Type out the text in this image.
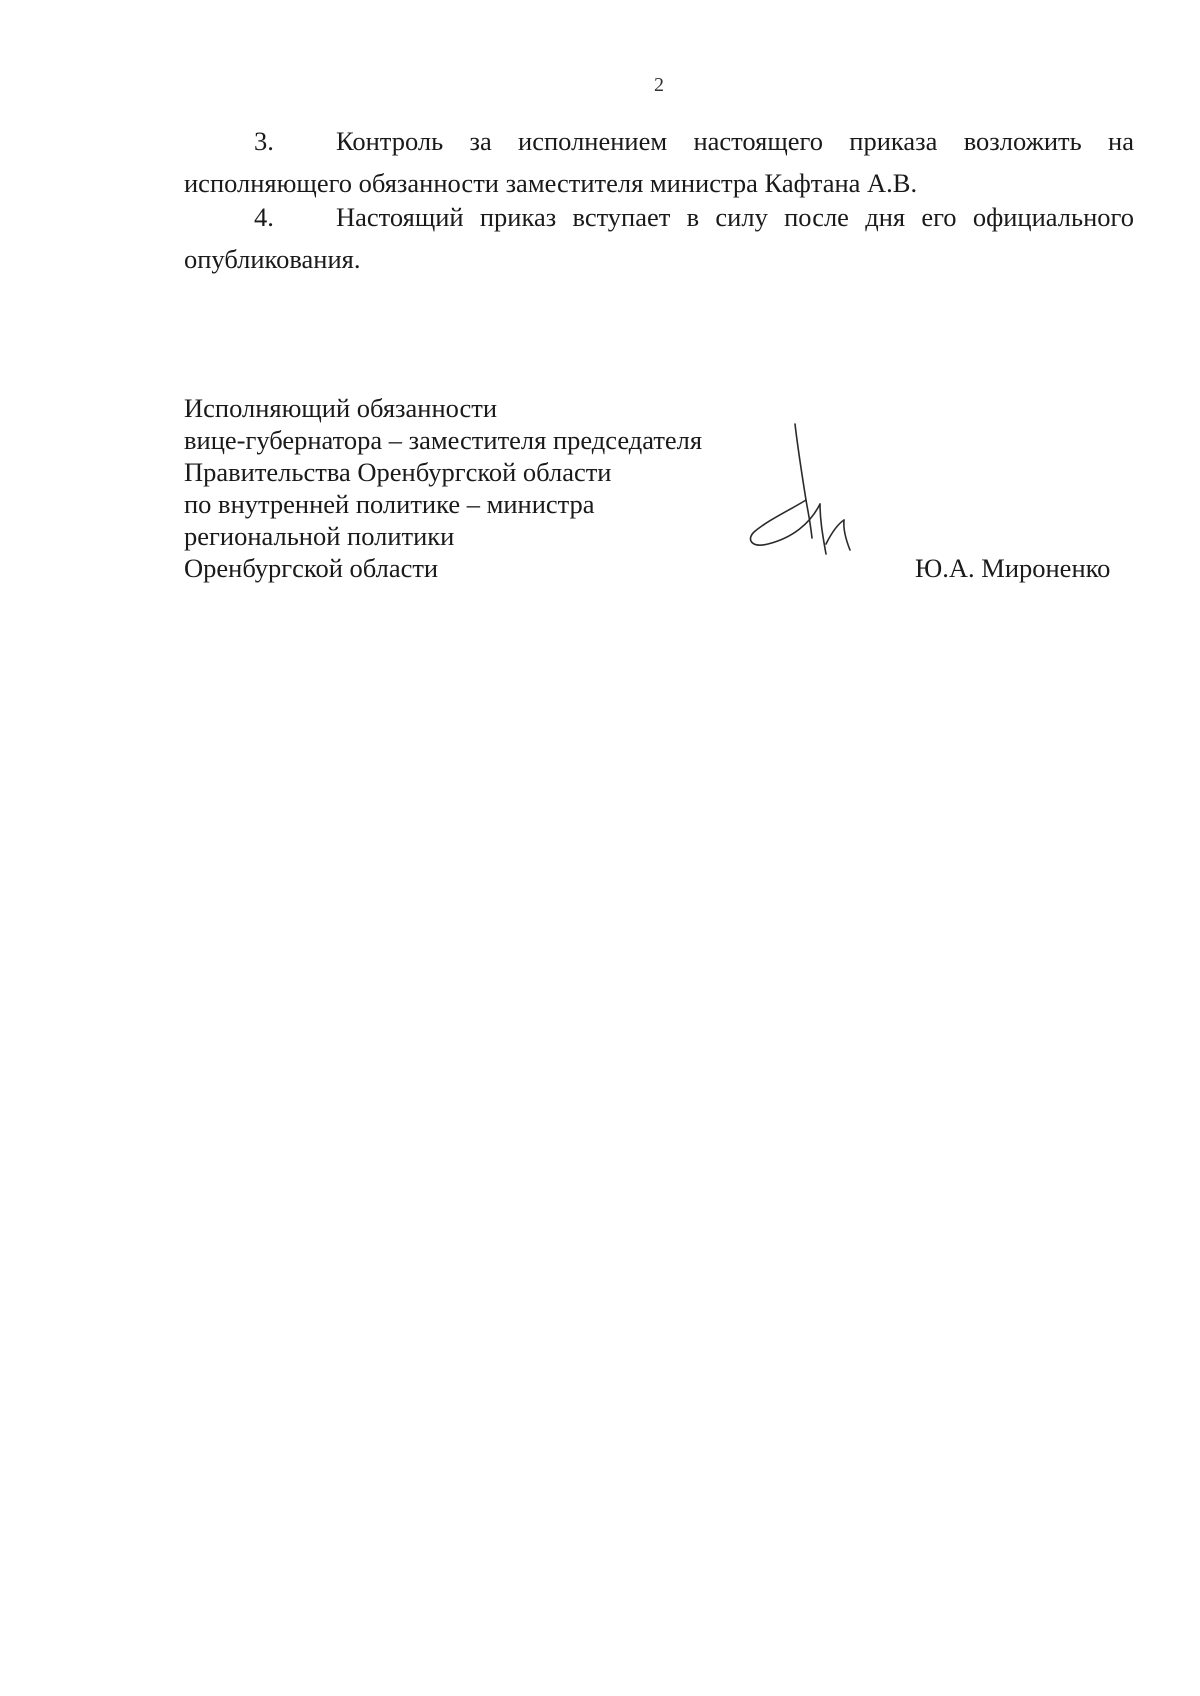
2
3. Контроль за исполнением настоящего приказа возложить на
исполняющего обязанности заместителя министра Кафтана А.В.
4. Настоящий приказ вступает в силу после дня его официального
опубликования.
Исполняющий обязанности
вице-губернатора – заместителя председателя
Правительства Оренбургской области
по внутренней политике – министра
региональной политики
Оренбургской области	Ю.А. Мироненко
